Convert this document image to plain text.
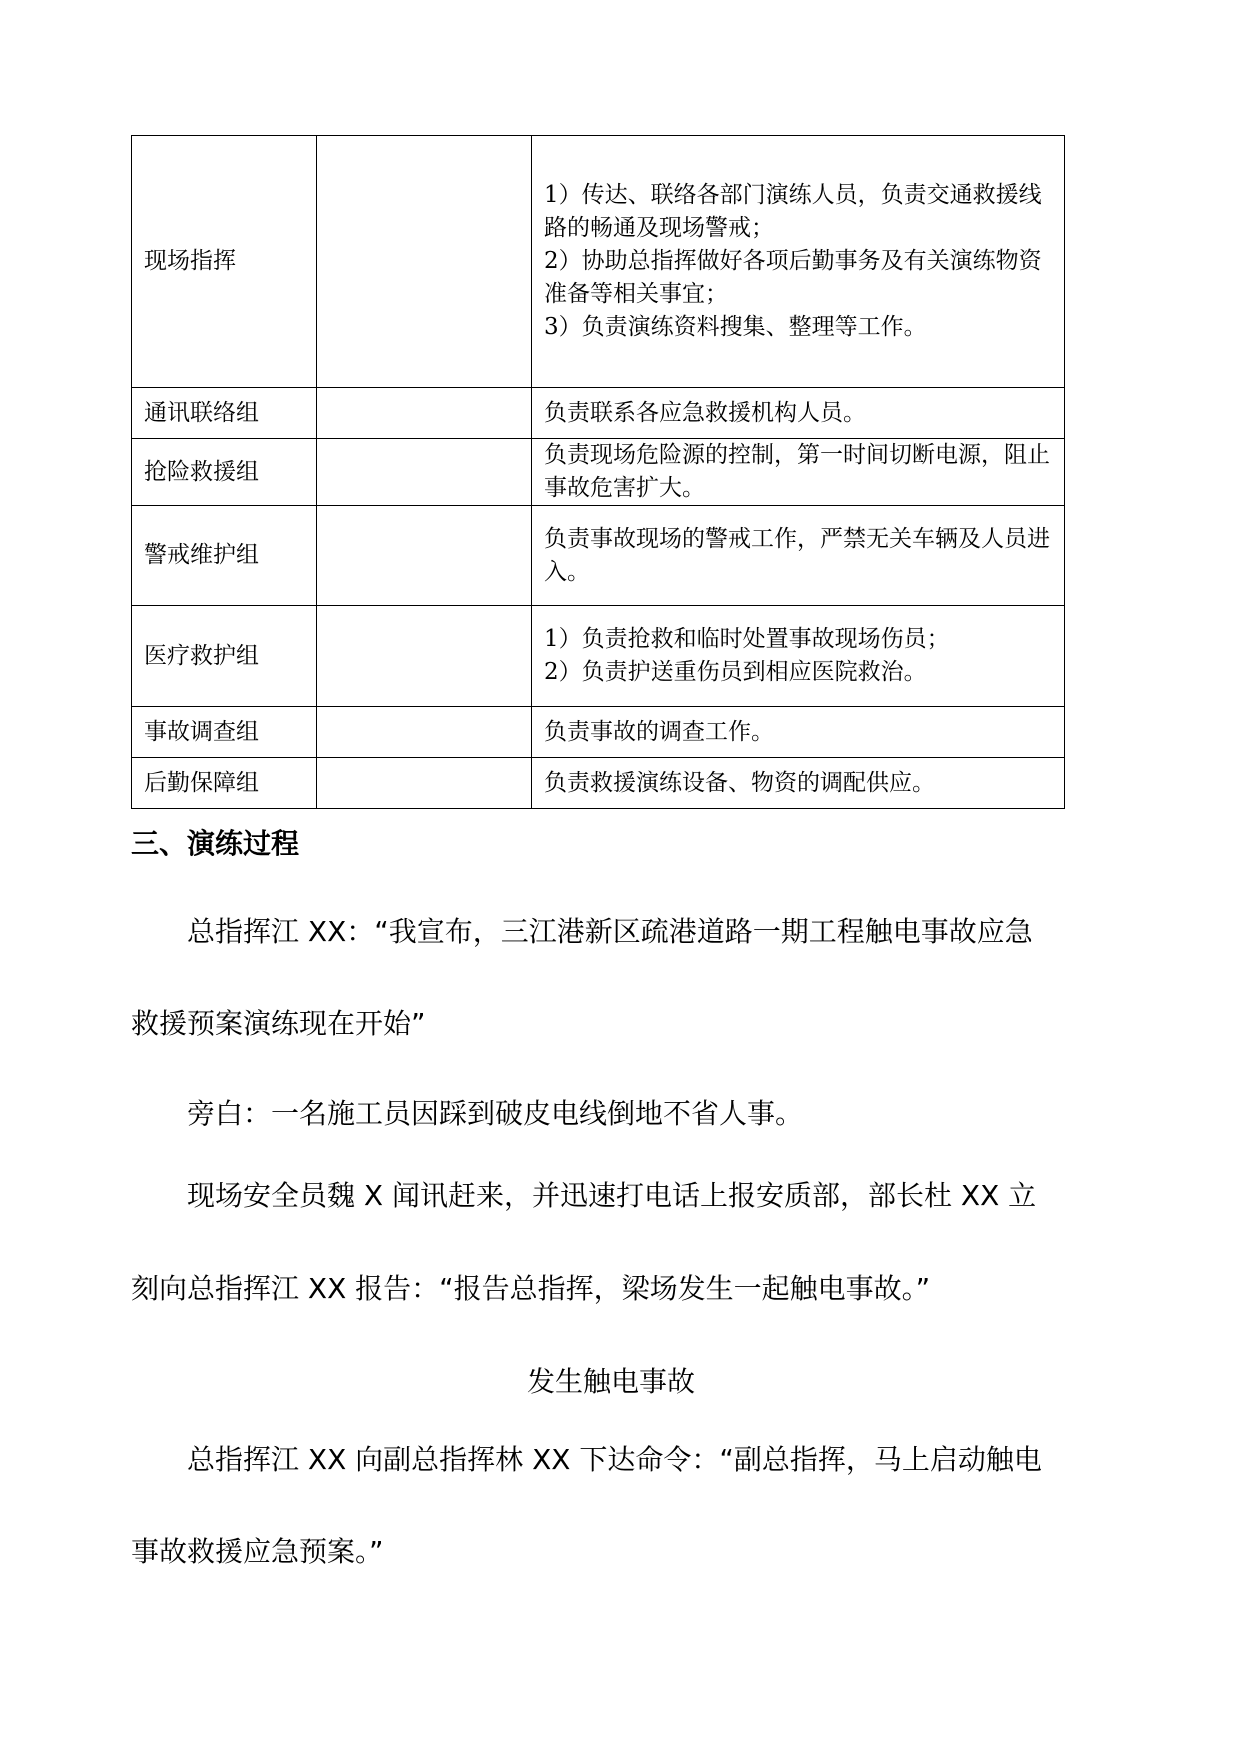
现场指挥		1）传达、联络各部门演练人员，负责交通救援线
路的畅通及现场警戒；
2）协助总指挥做好各项后勤事务及有关演练物资
准备等相关事宜；
3）负责演练资料搜集、整理等工作。

通讯联络组		负责联系各应急救援机构人员。

抢险救援组		负责现场危险源的控制，第一时间切断电源，阻止
事故危害扩大。

警戒维护组		负责事故现场的警戒工作，严禁无关车辆及人员进
入。

医疗救护组		1）负责抢救和临时处置事故现场伤员；
2）负责护送重伤员到相应医院救治。

事故调查组		负责事故的调查工作。

后勤保障组		负责救援演练设备、物资的调配供应。
三、演练过程

总指挥江 XX：“我宣布，三江港新区疏港道路一期工程触电事故应急

救援预案演练现在开始”

旁白：一名施工员因踩到破皮电线倒地不省人事。

现场安全员魏 X 闻讯赶来，并迅速打电话上报安质部，部长杜 XX 立

刻向总指挥江 XX 报告：“报告总指挥，梁场发生一起触电事故。”

发生触电事故

总指挥江 XX 向副总指挥林 XX 下达命令：“副总指挥，马上启动触电

事故救援应急预案。”
